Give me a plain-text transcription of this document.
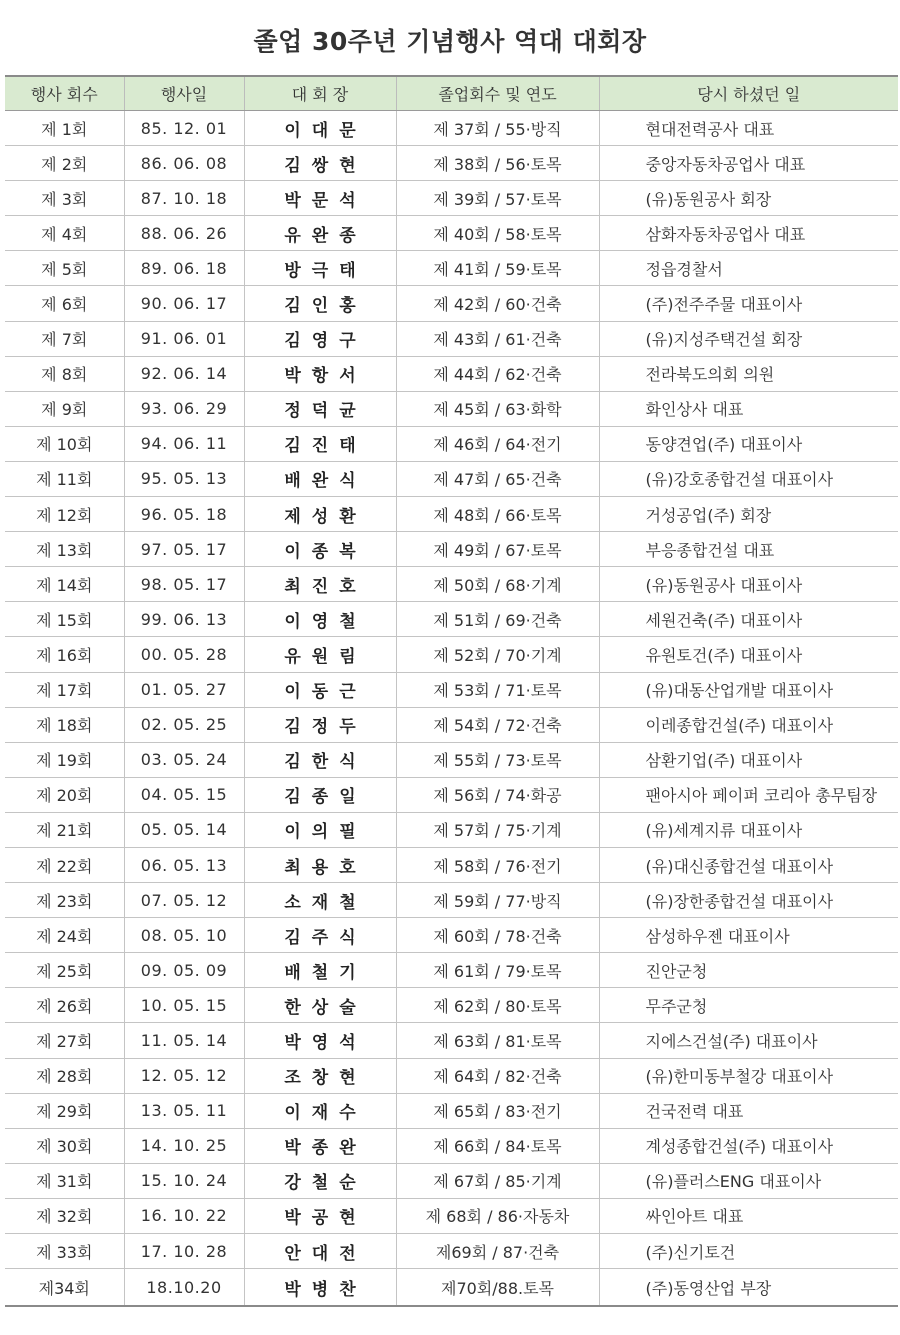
졸업 30주년 기념행사 역대 대회장
행사 회수	행사일	대 회 장	졸업회수 및 연도	당시 하셨던 일
제 1회	85. 12. 01	이대문	제 37회 / 55·방직	현대전력공사 대표
제 2회	86. 06. 08	김쌍현	제 38회 / 56·토목	중앙자동차공업사 대표
제 3회	87. 10. 18	박문석	제 39회 / 57·토목	(유)동원공사 회장
제 4회	88. 06. 26	유완종	제 40회 / 58·토목	삼화자동차공업사 대표
제 5회	89. 06. 18	방극태	제 41회 / 59·토목	정읍경찰서
제 6회	90. 06. 17	김인홍	제 42회 / 60·건축	(주)전주주물 대표이사
제 7회	91. 06. 01	김영구	제 43회 / 61·건축	(유)지성주택건설 회장
제 8회	92. 06. 14	박항서	제 44회 / 62·건축	전라북도의회 의원
제 9회	93. 06. 29	정덕균	제 45회 / 63·화학	화인상사 대표
제 10회	94. 06. 11	김진태	제 46회 / 64·전기	동양견업(주) 대표이사
제 11회	95. 05. 13	배완식	제 47회 / 65·건축	(유)강호종합건설 대표이사
제 12회	96. 05. 18	제성환	제 48회 / 66·토목	거성공업(주) 회장
제 13회	97. 05. 17	이종복	제 49회 / 67·토목	부응종합건설 대표
제 14회	98. 05. 17	최진호	제 50회 / 68·기계	(유)동원공사 대표이사
제 15회	99. 06. 13	이영철	제 51회 / 69·건축	세원건축(주) 대표이사
제 16회	00. 05. 28	유원림	제 52회 / 70·기계	유원토건(주) 대표이사
제 17회	01. 05. 27	이동근	제 53회 / 71·토목	(유)대동산업개발 대표이사
제 18회	02. 05. 25	김정두	제 54회 / 72·건축	이레종합건설(주) 대표이사
제 19회	03. 05. 24	김한식	제 55회 / 73·토목	삼환기업(주) 대표이사
제 20회	04. 05. 15	김종일	제 56회 / 74·화공	팬아시아 페이퍼 코리아 총무팀장
제 21회	05. 05. 14	이의필	제 57회 / 75·기계	(유)세계지류 대표이사
제 22회	06. 05. 13	최용호	제 58회 / 76·전기	(유)대신종합건설 대표이사
제 23회	07. 05. 12	소재철	제 59회 / 77·방직	(유)장한종합건설 대표이사
제 24회	08. 05. 10	김주식	제 60회 / 78·건축	삼성하우젠 대표이사
제 25회	09. 05. 09	배철기	제 61회 / 79·토목	진안군청
제 26회	10. 05. 15	한상술	제 62회 / 80·토목	무주군청
제 27회	11. 05. 14	박영석	제 63회 / 81·토목	지에스건설(주) 대표이사
제 28회	12. 05. 12	조창현	제 64회 / 82·건축	(유)한미동부철강 대표이사
제 29회	13. 05. 11	이재수	제 65회 / 83·전기	건국전력 대표
제 30회	14. 10. 25	박종완	제 66회 / 84·토목	계성종합건설(주) 대표이사
제 31회	15. 10. 24	강철순	제 67회 / 85·기계	(유)플러스ENG 대표이사
제 32회	16. 10. 22	박공현	제 68회 / 86·자동차	싸인아트 대표
제 33회	17. 10. 28	안대전	제69회 / 87·건축	(주)신기토건
제34회	18.10.20	박병찬	제70회/88.토목	(주)동영산업 부장
